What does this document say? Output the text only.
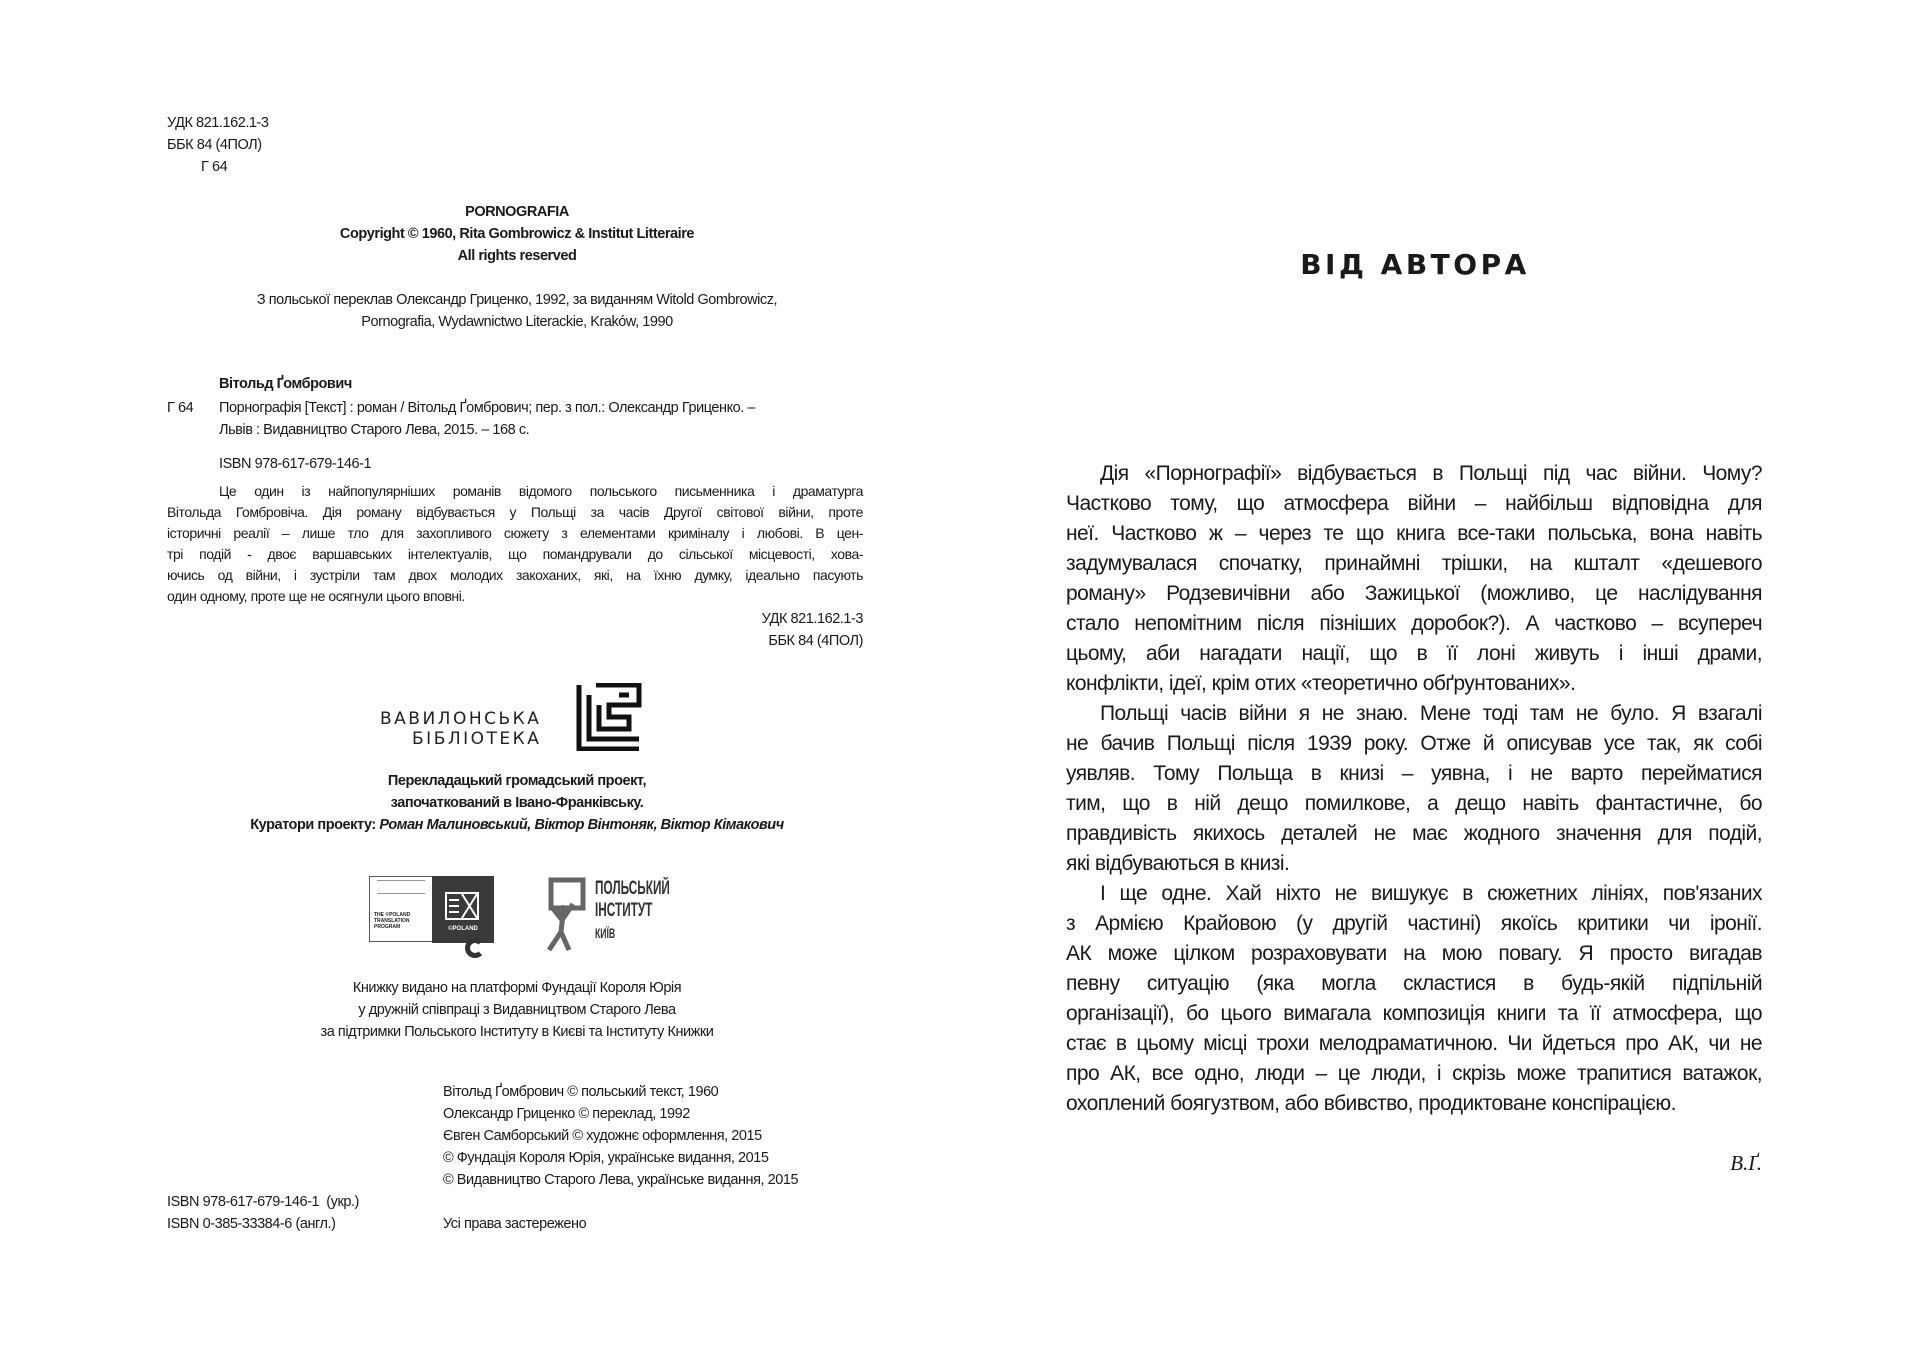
УДК 821.162.1-3
ББК 84 (4ПОЛ)
Г 64
PORNOGRAFIA
Copyright © 1960, Rita Gombrowicz & Institut Litteraire
All rights reserved
З польської переклав Олександр Гриценко, 1992, за виданням Witold Gombrowicz,
Pornografia, Wydawnictwo Literackie, Kraków, 1990
Вітольд Ґомбрович
Г 64 Порнографія [Текст] : роман / Вітольд Ґомбрович; пер. з пол.: Олександр Гриценко. –
Львів : Видавництво Старого Лева, 2015. – 168 с.
ISBN 978-617-679-146-1
Це один із найпопулярніших романів відомого польського письменника і драматурга
Вітольда Гомбровіча. Дія роману відбувається у Польщі за часів Другої світової війни, проте
історичні реалії – лише тло для захопливого сюжету з елементами криміналу і любові. В цен-
трі подій - двоє варшавських інтелектуалів, що помандрували до сільської місцевості, хова-
ючись од війни, і зустріли там двох молодих закоханих, які, на їхню думку, ідеально пасують
один одному, проте ще не осягнули цього вповні.
УДК 821.162.1-3
ББК 84 (4ПОЛ)
ВАВИЛОНСЬКА
БІБЛІОТЕКА
Перекладацький громадський проект,
започаткований в Івано-Франківську.
Куратори проекту: Роман Малиновський, Віктор Вінтоняк, Віктор Кімакович
THE ©POLAND TRANSLATION PROGRAM	©POLAND
ПОЛЬСЬКИЙ
ІНСТИТУТ
КИЇВ
Книжку видано на платформі Фундації Короля Юрія
у дружній співпраці з Видавництвом Старого Лева
за підтримки Польського Інституту в Києві та Інституту Книжки
Вітольд Ґомбрович © польський текст, 1960
Олександр Гриценко © переклад, 1992
Євген Самборський © художнє оформлення, 2015
© Фундація Короля Юрія, українське видання, 2015
© Видавництво Старого Лева, українське видання, 2015
ISBN 978-617-679-146-1  (укр.)
ISBN 0-385-33384-6 (англ.)	Усі права застережено
ВІД АВТОРА
Дія «Порнографії» відбувається в Польщі під час війни. Чому?
Частково тому, що атмосфера війни – найбільш відповідна для
неї. Частково ж – через те що книга все-таки польська, вона навіть
задумувалася спочатку, принаймні трішки, на кшталт «дешевого
роману» Родзевичівни або Зажицької (можливо, це наслідування
стало непомітним після пізніших доробок?). А частково – всупереч
цьому, аби нагадати нації, що в її лоні живуть і інші драми,
конфлікти, ідеї, крім отих «теоретично обґрунтованих».
Польщі часів війни я не знаю. Мене тоді там не було. Я взагалі
не бачив Польщі після 1939 року. Отже й описував усе так, як собі
уявляв. Тому Польща в книзі – уявна, і не варто перейматися
тим, що в ній дещо помилкове, а дещо навіть фантастичне, бо
правдивість якихось деталей не має жодного значення для подій,
які відбуваються в книзі.
І ще одне. Хай ніхто не вишукує в сюжетних лініях, пов'язаних
з Армією Крайовою (у другій частині) якоїсь критики чи іронії.
АК може цілком розраховувати на мою повагу. Я просто вигадав
певну ситуацію (яка могла скластися в будь-якій підпільній
організації), бо цього вимагала композиція книги та її атмосфера, що
стає в цьому місці трохи мелодраматичною. Чи йдеться про АК, чи не
про АК, все одно, люди – це люди, і скрізь може трапитися ватажок,
охоплений боягузтвом, або вбивство, продиктоване конспірацією.
В.Ґ.
